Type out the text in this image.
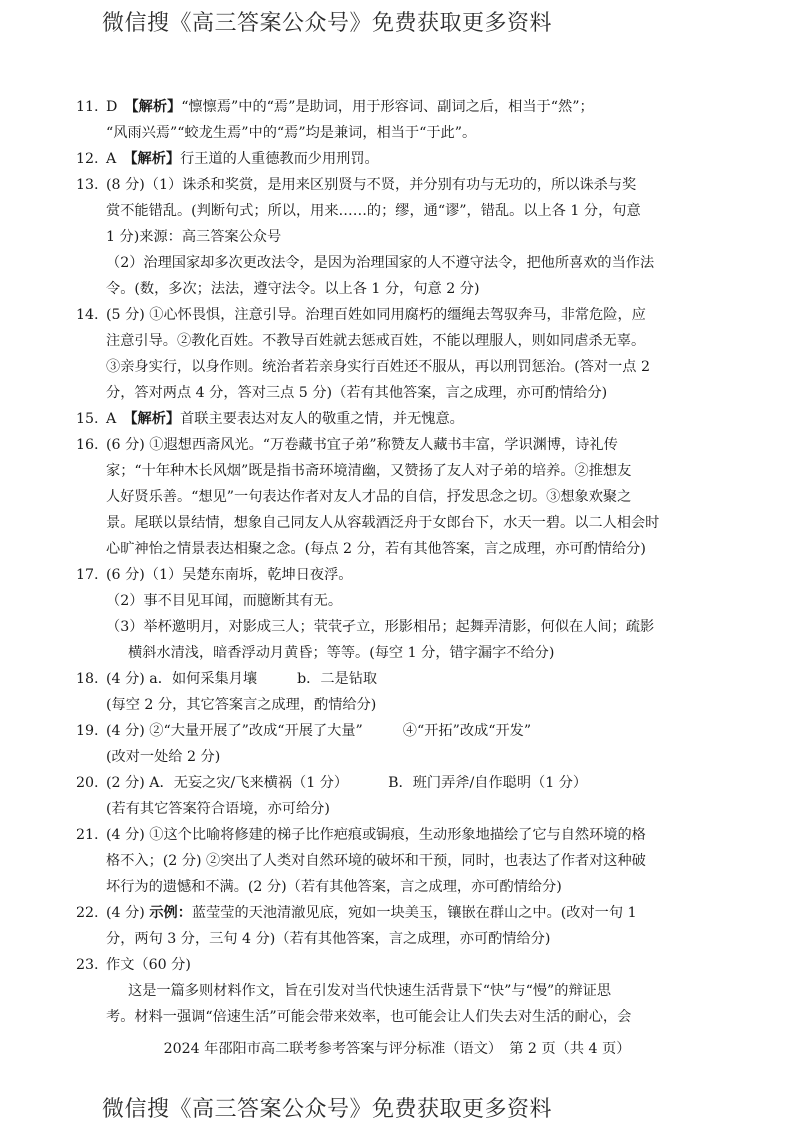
微信搜《高三答案公众号》免费获取更多资料
11. D　【解析】“懔懔焉”中的“焉”是助词，用于形容词、副词之后，相当于“然”；
“风雨兴焉”“蛟龙生焉”中的“焉”均是兼词，相当于“于此”。
12. A　【解析】行王道的人重德教而少用刑罚。
13. (8 分)（1）诛杀和奖赏，是用来区别贤与不贤，并分别有功与无功的，所以诛杀与奖
赏不能错乱。(判断句式；所以，用来……的；缪，通“谬”，错乱。以上各 1 分，句意
1 分)来源：高三答案公众号
（2）治理国家却多次更改法令，是因为治理国家的人不遵守法令，把他所喜欢的当作法
令。(数，多次；法法，遵守法令。以上各 1 分，句意 2 分)
14. (5 分) ①心怀畏惧，注意引导。治理百姓如同用腐朽的缰绳去驾驭奔马，非常危险，应
注意引导。②教化百姓。不教导百姓就去惩戒百姓，不能以理服人，则如同虐杀无辜。
③亲身实行，以身作则。统治者若亲身实行百姓还不服从，再以刑罚惩治。(答对一点 2
分，答对两点 4 分，答对三点 5 分)（若有其他答案，言之成理，亦可酌情给分)
15. A　【解析】首联主要表达对友人的敬重之情，并无愧意。
16. (6 分) ①遐想西斋风光。“万卷藏书宜子弟”称赞友人藏书丰富，学识渊博，诗礼传
家；“十年种木长风烟”既是指书斋环境清幽，又赞扬了友人对子弟的培养。②推想友
人好贤乐善。“想见”一句表达作者对友人才品的自信，抒发思念之切。③想象欢聚之
景。尾联以景结情，想象自己同友人从容载酒泛舟于女郎台下，水天一碧。以二人相会时
心旷神怡之情景表达相聚之念。(每点 2 分，若有其他答案，言之成理，亦可酌情给分)
17. (6 分)（1）吴楚东南坼，乾坤日夜浮。
（2）事不目见耳闻，而臆断其有无。
（3）举杯邀明月，对影成三人；茕茕孑立，形影相吊；起舞弄清影，何似在人间；疏影
横斜水清浅，暗香浮动月黄昏；等等。(每空 1 分，错字漏字不给分)
18. (4 分) a．如何采集月壤	b．二是钻取
(每空 2 分，其它答案言之成理，酌情给分)
19. (4 分) ②“大量开展了”改成“开展了大量”	④“开拓”改成“开发”
(改对一处给 2 分)
20. (2 分) A．无妄之灾/飞来横祸（1 分）	B．班门弄斧/自作聪明（1 分）
(若有其它答案符合语境，亦可给分)
21. (4 分) ①这个比喻将修建的梯子比作疤痕或锔痕，生动形象地描绘了它与自然环境的格
格不入；(2 分) ②突出了人类对自然环境的破坏和干预，同时，也表达了作者对这种破
坏行为的遗憾和不满。(2 分)（若有其他答案，言之成理，亦可酌情给分)
22. (4 分) 示例：蓝莹莹的天池清澈见底，宛如一块美玉，镶嵌在群山之中。(改对一句 1
分，两句 3 分，三句 4 分)（若有其他答案，言之成理，亦可酌情给分)
23. 作文（60 分)
这是一篇多则材料作文，旨在引发对当代快速生活背景下“快”与“慢”的辩证思
考。材料一强调“倍速生活”可能会带来效率，也可能会让人们失去对生活的耐心，会
2024 年邵阳市高二联考参考答案与评分标准（语文）　第 2 页（共 4 页）
微信搜《高三答案公众号》免费获取更多资料
